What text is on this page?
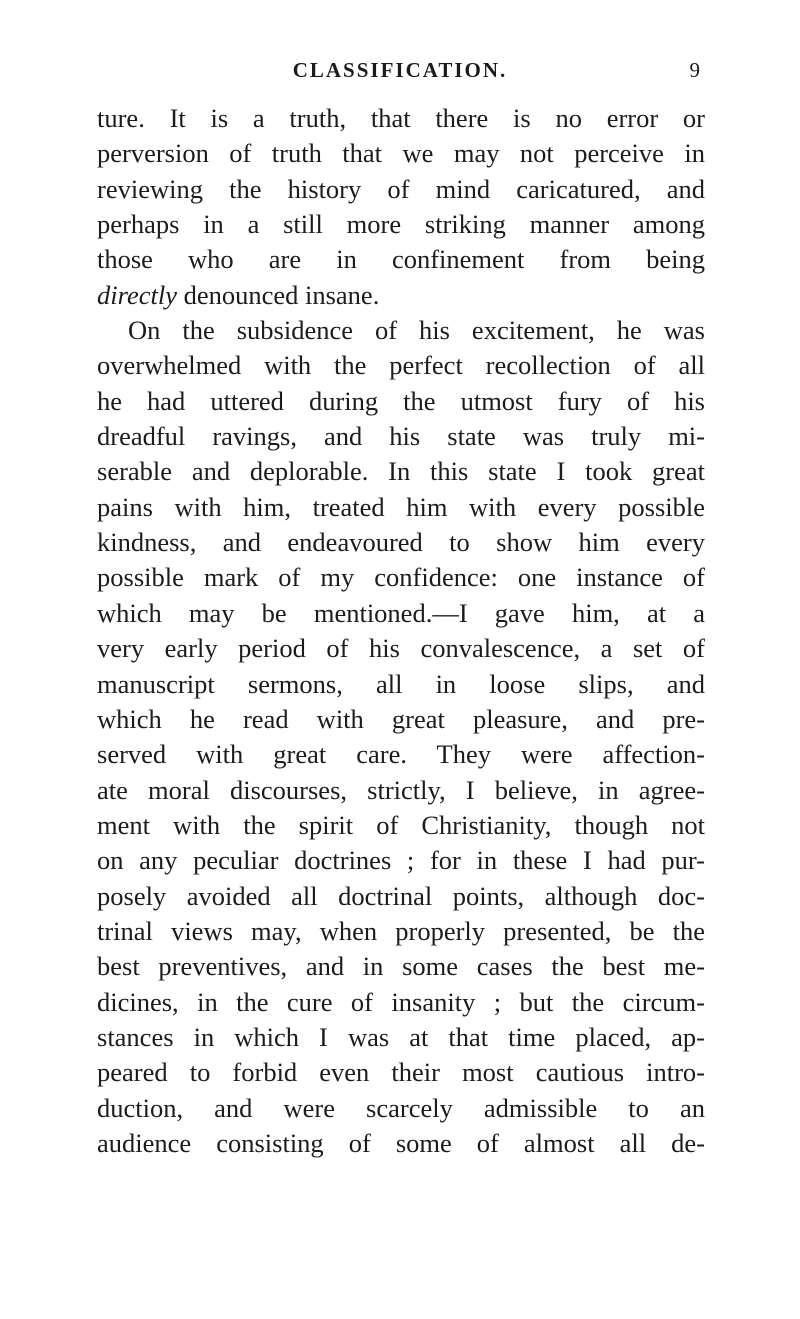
CLASSIFICATION.	9
ture. It is a truth, that there is no error or
perversion of truth that we may not perceive in
reviewing the history of mind caricatured, and
perhaps in a still more striking manner among
those who are in confinement from being
directly denounced insane.
On the subsidence of his excitement, he was
overwhelmed with the perfect recollection of all
he had uttered during the utmost fury of his
dreadful ravings, and his state was truly mi-
serable and deplorable. In this state I took great
pains with him, treated him with every possible
kindness, and endeavoured to show him every
possible mark of my confidence: one instance of
which may be mentioned.—I gave him, at a
very early period of his convalescence, a set of
manuscript sermons, all in loose slips, and
which he read with great pleasure, and pre-
served with great care. They were affection-
ate moral discourses, strictly, I believe, in agree-
ment with the spirit of Christianity, though not
on any peculiar doctrines ; for in these I had pur-
posely avoided all doctrinal points, although doc-
trinal views may, when properly presented, be the
best preventives, and in some cases the best me-
dicines, in the cure of insanity ; but the circum-
stances in which I was at that time placed, ap-
peared to forbid even their most cautious intro-
duction, and were scarcely admissible to an
audience consisting of some of almost all de-
